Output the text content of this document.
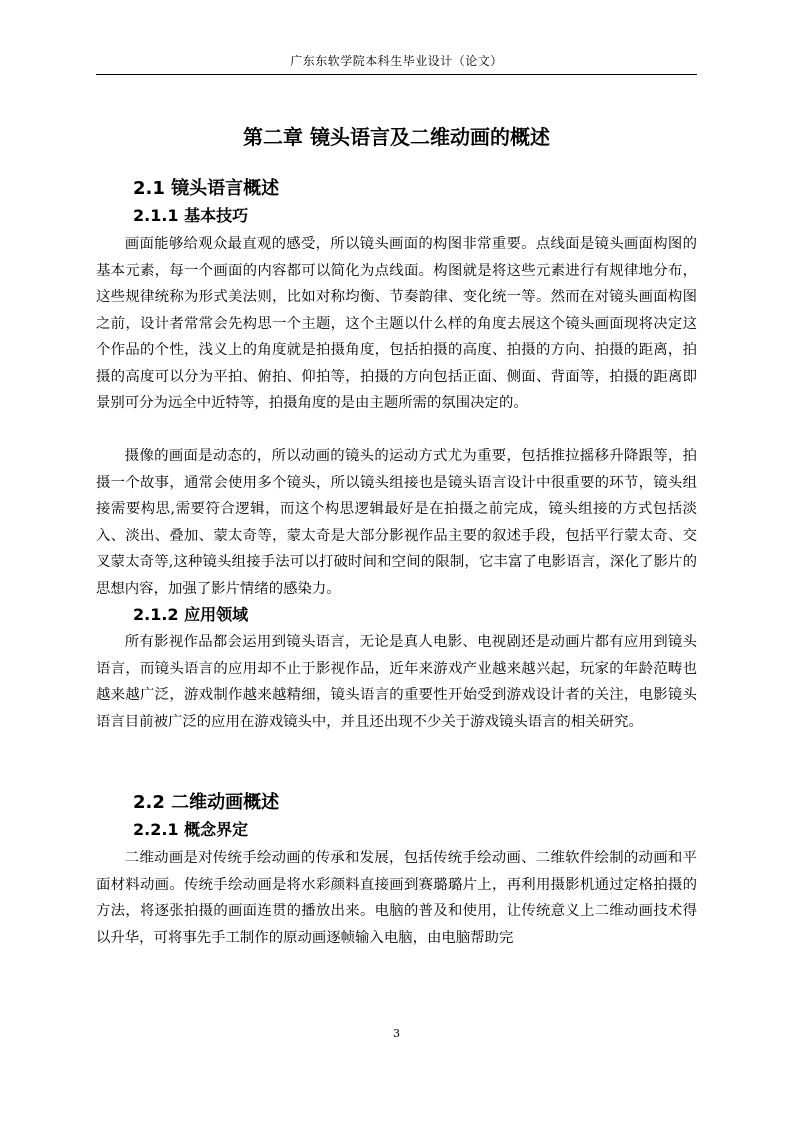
广东东软学院本科生毕业设计（论文）
第二章 镜头语言及二维动画的概述
2.1 镜头语言概述
2.1.1 基本技巧

画面能够给观众最直观的感受，所以镜头画面的构图非常重要。点线面是镜头画面构图的基本元素，每一个画面的内容都可以简化为点线面。构图就是将这些元素进行有规律地分布，这些规律统称为形式美法则，比如对称均衡、节奏韵律、变化统一等。然而在对镜头画面构图之前，设计者常常会先构思一个主题，这个主题以什么样的角度去展这个镜头画面现将决定这个作品的个性，浅义上的角度就是拍摄角度，包括拍摄的高度、拍摄的方向、拍摄的距离，拍摄的高度可以分为平拍、俯拍、仰拍等，拍摄的方向包括正面、侧面、背面等，拍摄的距离即景别可分为远全中近特等，拍摄角度的是由主题所需的氛围决定的。

摄像的画面是动态的，所以动画的镜头的运动方式尤为重要，包括推拉摇移升降跟等，拍摄一个故事，通常会使用多个镜头，所以镜头组接也是镜头语言设计中很重要的环节，镜头组接需要构思,需要符合逻辑，而这个构思逻辑最好是在拍摄之前完成，镜头组接的方式包括淡入、淡出、叠加、蒙太奇等，蒙太奇是大部分影视作品主要的叙述手段，包括平行蒙太奇、交叉蒙太奇等,这种镜头组接手法可以打破时间和空间的限制，它丰富了电影语言，深化了影片的思想内容，加强了影片情绪的感染力。

2.1.2 应用领域

所有影视作品都会运用到镜头语言，无论是真人电影、电视剧还是动画片都有应用到镜头语言，而镜头语言的应用却不止于影视作品，近年来游戏产业越来越兴起，玩家的年龄范畴也越来越广泛，游戏制作越来越精细，镜头语言的重要性开始受到游戏设计者的关注，电影镜头语言目前被广泛的应用在游戏镜头中，并且还出现不少关于游戏镜头语言的相关研究。

2.2 二维动画概述
2.2.1 概念界定

二维动画是对传统手绘动画的传承和发展，包括传统手绘动画、二维软件绘制的动画和平面材料动画。传统手绘动画是将水彩颜料直接画到赛璐璐片上，再利用摄影机通过定格拍摄的方法，将逐张拍摄的画面连贯的播放出来。电脑的普及和使用，让传统意义上二维动画技术得以升华，可将事先手工制作的原动画逐帧输入电脑，由电脑帮助完

3
